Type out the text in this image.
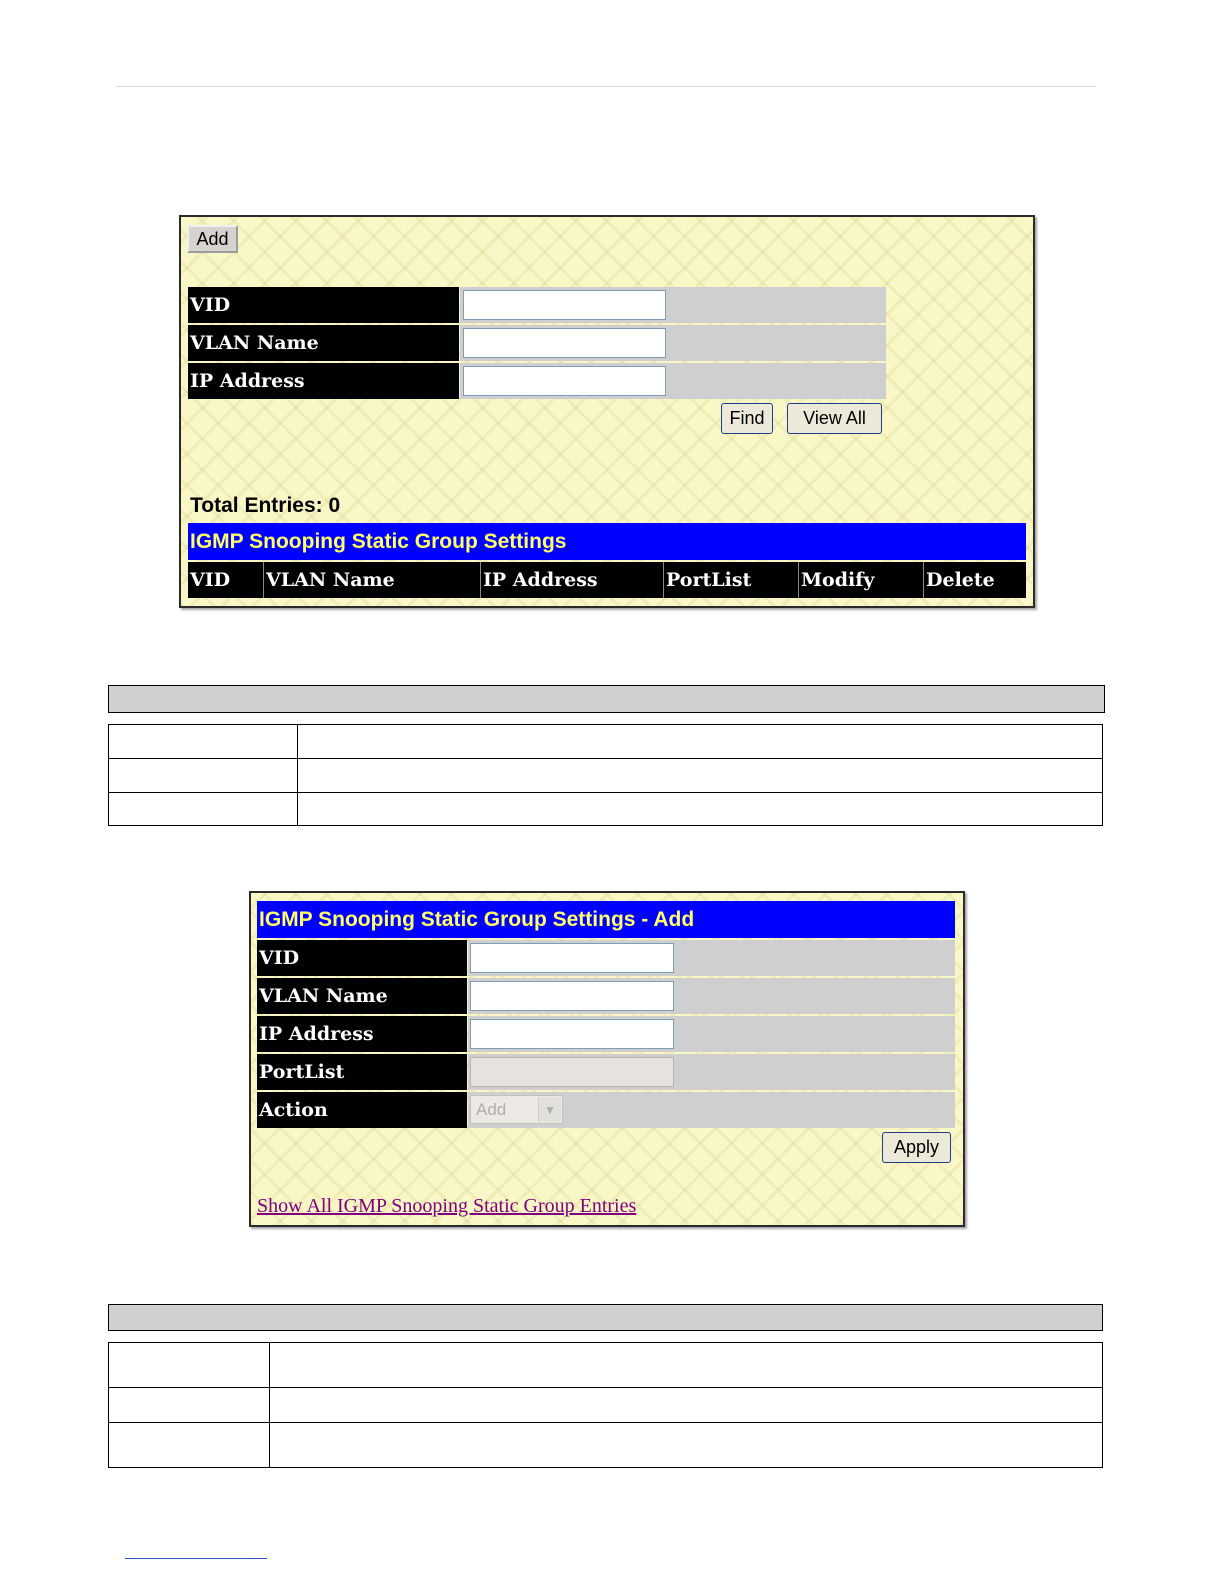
Add
VID
VLAN Name
IP Address
Find	View All
Total Entries: 0
IGMP Snooping Static Group Settings
VID	VLAN Name	IP Address	PortList	Modify	Delete

IGMP Snooping Static Group Settings - Add
VID
VLAN Name
IP Address
PortList
Action	Add	▼
Apply
Show All IGMP Snooping Static Group Entries
